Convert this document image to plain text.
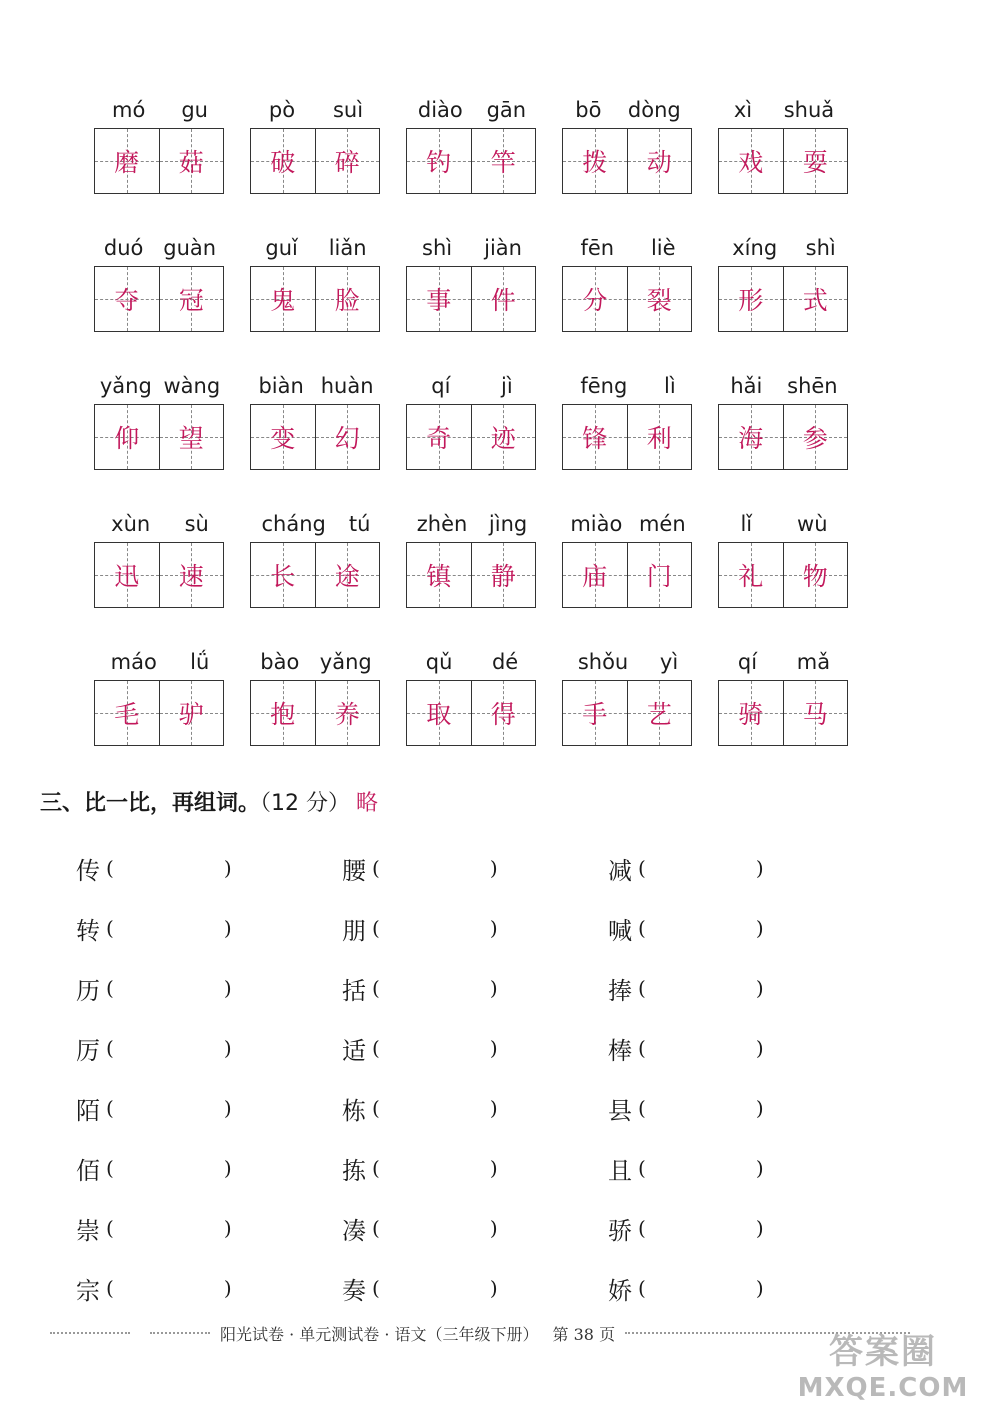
mó gu
磨 菇
pò suì
破 碎
diào gān
钓 竿
bō dòng
拨 动
xì shuǎ
戏 耍
duó guàn
夺 冠
guǐ liǎn
鬼 脸
shì jiàn
事 件
fēn liè
分 裂
xíng shì
形 式
yǎng wàng
仰 望
biàn huàn
变 幻
qí jì
奇 迹
fēng lì
锋 利
hǎi shēn
海 参
xùn sù
迅 速
cháng tú
长 途
zhèn jìng
镇 静
miào mén
庙 门
lǐ wù
礼 物
máo lǘ
毛 驴
bào yǎng
抱 养
qǔ dé
取 得
shǒu yì
手 艺
qí mǎ
骑 马
三、比一比，再组词。（12 分） 略
传 (	)	腰 (	)	减 (	)
转 (	)	朋 (	)	喊 (	)
历 (	)	括 (	)	捧 (	)
厉 (	)	适 (	)	棒 (	)
陌 (	)	栋 (	)	县 (	)
佰 (	)	拣 (	)	且 (	)
崇 (	)	凑 (	)	骄 (	)
宗 (	)	奏 (	)	娇 (	)
阳光试卷 · 单元测试卷 · 语文（三年级下册） 第 38 页	答案圈
MXQE.COM
